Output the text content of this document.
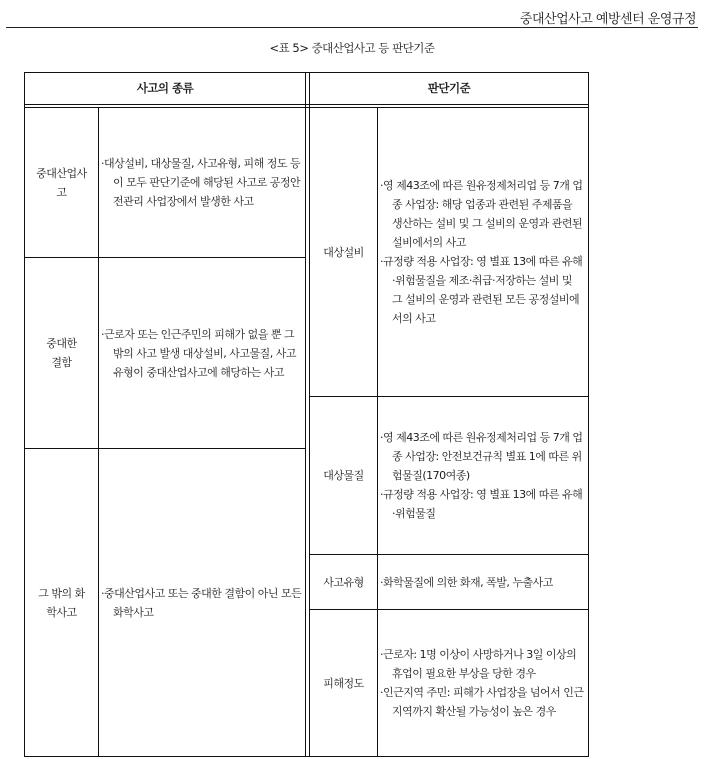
중대산업사고 예방센터 운영규정
<표 5> 중대산업사고 등 판단기준
사고의 종류	판단기준
중대산업사
고
·대상설비, 대상물질, 사고유형, 피해 정도 등이 모두 판단기준에 해당된 사고로 공정안전관리 사업장에서 발생한 사고
중대한
결함
·근로자 또는 인근주민의 피해가 없을 뿐 그 밖의 사고 발생 대상설비, 사고물질, 사고유형이 중대산업사고에 해당하는 사고
그 밖의 화
학사고
·중대산업사고 또는 중대한 결함이 아닌 모든 화학사고
대상설비
·영 제43조에 따른 원유정제처리업 등 7개 업종 사업장: 해당 업종과 관련된 주제품을 생산하는 설비 및 그 설비의 운영과 관련된 설비에서의 사고
·규정량 적용 사업장: 영 별표 13에 따른 유해·위험물질을 제조·취급·저장하는 설비 및 그 설비의 운영과 관련된 모든 공정설비에서의 사고
대상물질
·영 제43조에 따른 원유정제처리업 등 7개 업종 사업장: 안전보건규칙 별표 1에 따른 위험물질(170여종)
·규정량 적용 사업장: 영 별표 13에 따른 유해·위험물질
사고유형	·화학물질에 의한 화재, 폭발, 누출사고
피해정도
·근로자: 1명 이상이 사망하거나 3일 이상의 휴업이 필요한 부상을 당한 경우
·인근지역 주민: 피해가 사업장을 넘어서 인근 지역까지 확산될 가능성이 높은 경우
